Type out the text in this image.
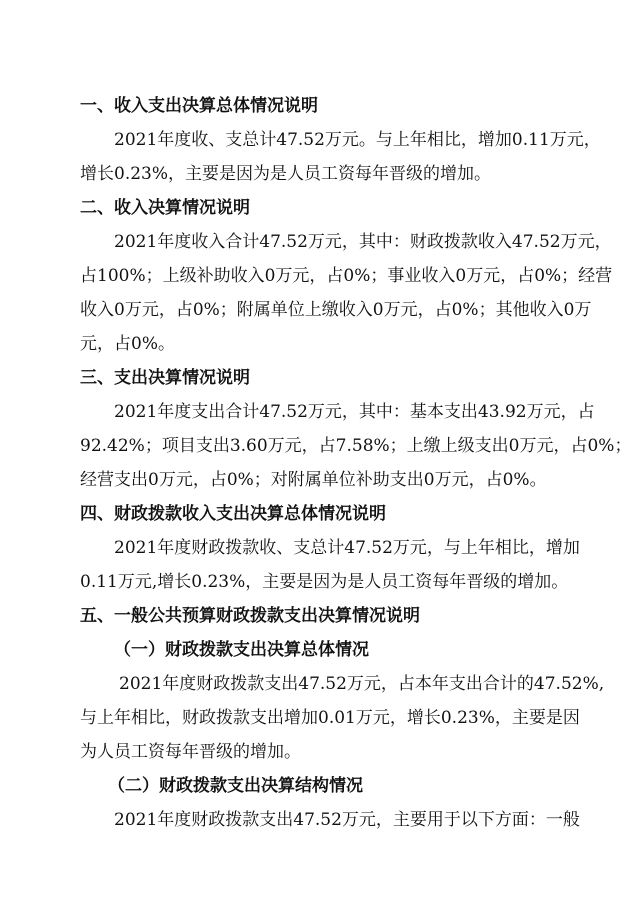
一、收入支出决算总体情况说明
2021年度收、支总计47.52万元。与上年相比，增加0.11万元，
增长0.23%，主要是因为是人员工资每年晋级的增加。
二、收入决算情况说明
2021年度收入合计47.52万元，其中：财政拨款收入47.52万元，
占100%；上级补助收入0万元，占0%；事业收入0万元，占0%；经营
收入0万元，占0%；附属单位上缴收入0万元，占0%；其他收入0万
元，占0%。
三、支出决算情况说明
2021年度支出合计47.52万元，其中：基本支出43.92万元，占
92.42%；项目支出3.60万元，占7.58%；上缴上级支出0万元，占0%；
经营支出0万元，占0%；对附属单位补助支出0万元，占0%。
四、财政拨款收入支出决算总体情况说明
2021年度财政拨款收、支总计47.52万元，与上年相比，增加
0.11万元,增长0.23%，主要是因为是人员工资每年晋级的增加。
五、一般公共预算财政拨款支出决算情况说明
（一）财政拨款支出决算总体情况
2021年度财政拨款支出47.52万元，占本年支出合计的47.52%,
与上年相比，财政拨款支出增加0.01万元，增长0.23%，主要是因
为人员工资每年晋级的增加。
（二）财政拨款支出决算结构情况
2021年度财政拨款支出47.52万元，主要用于以下方面：一般
